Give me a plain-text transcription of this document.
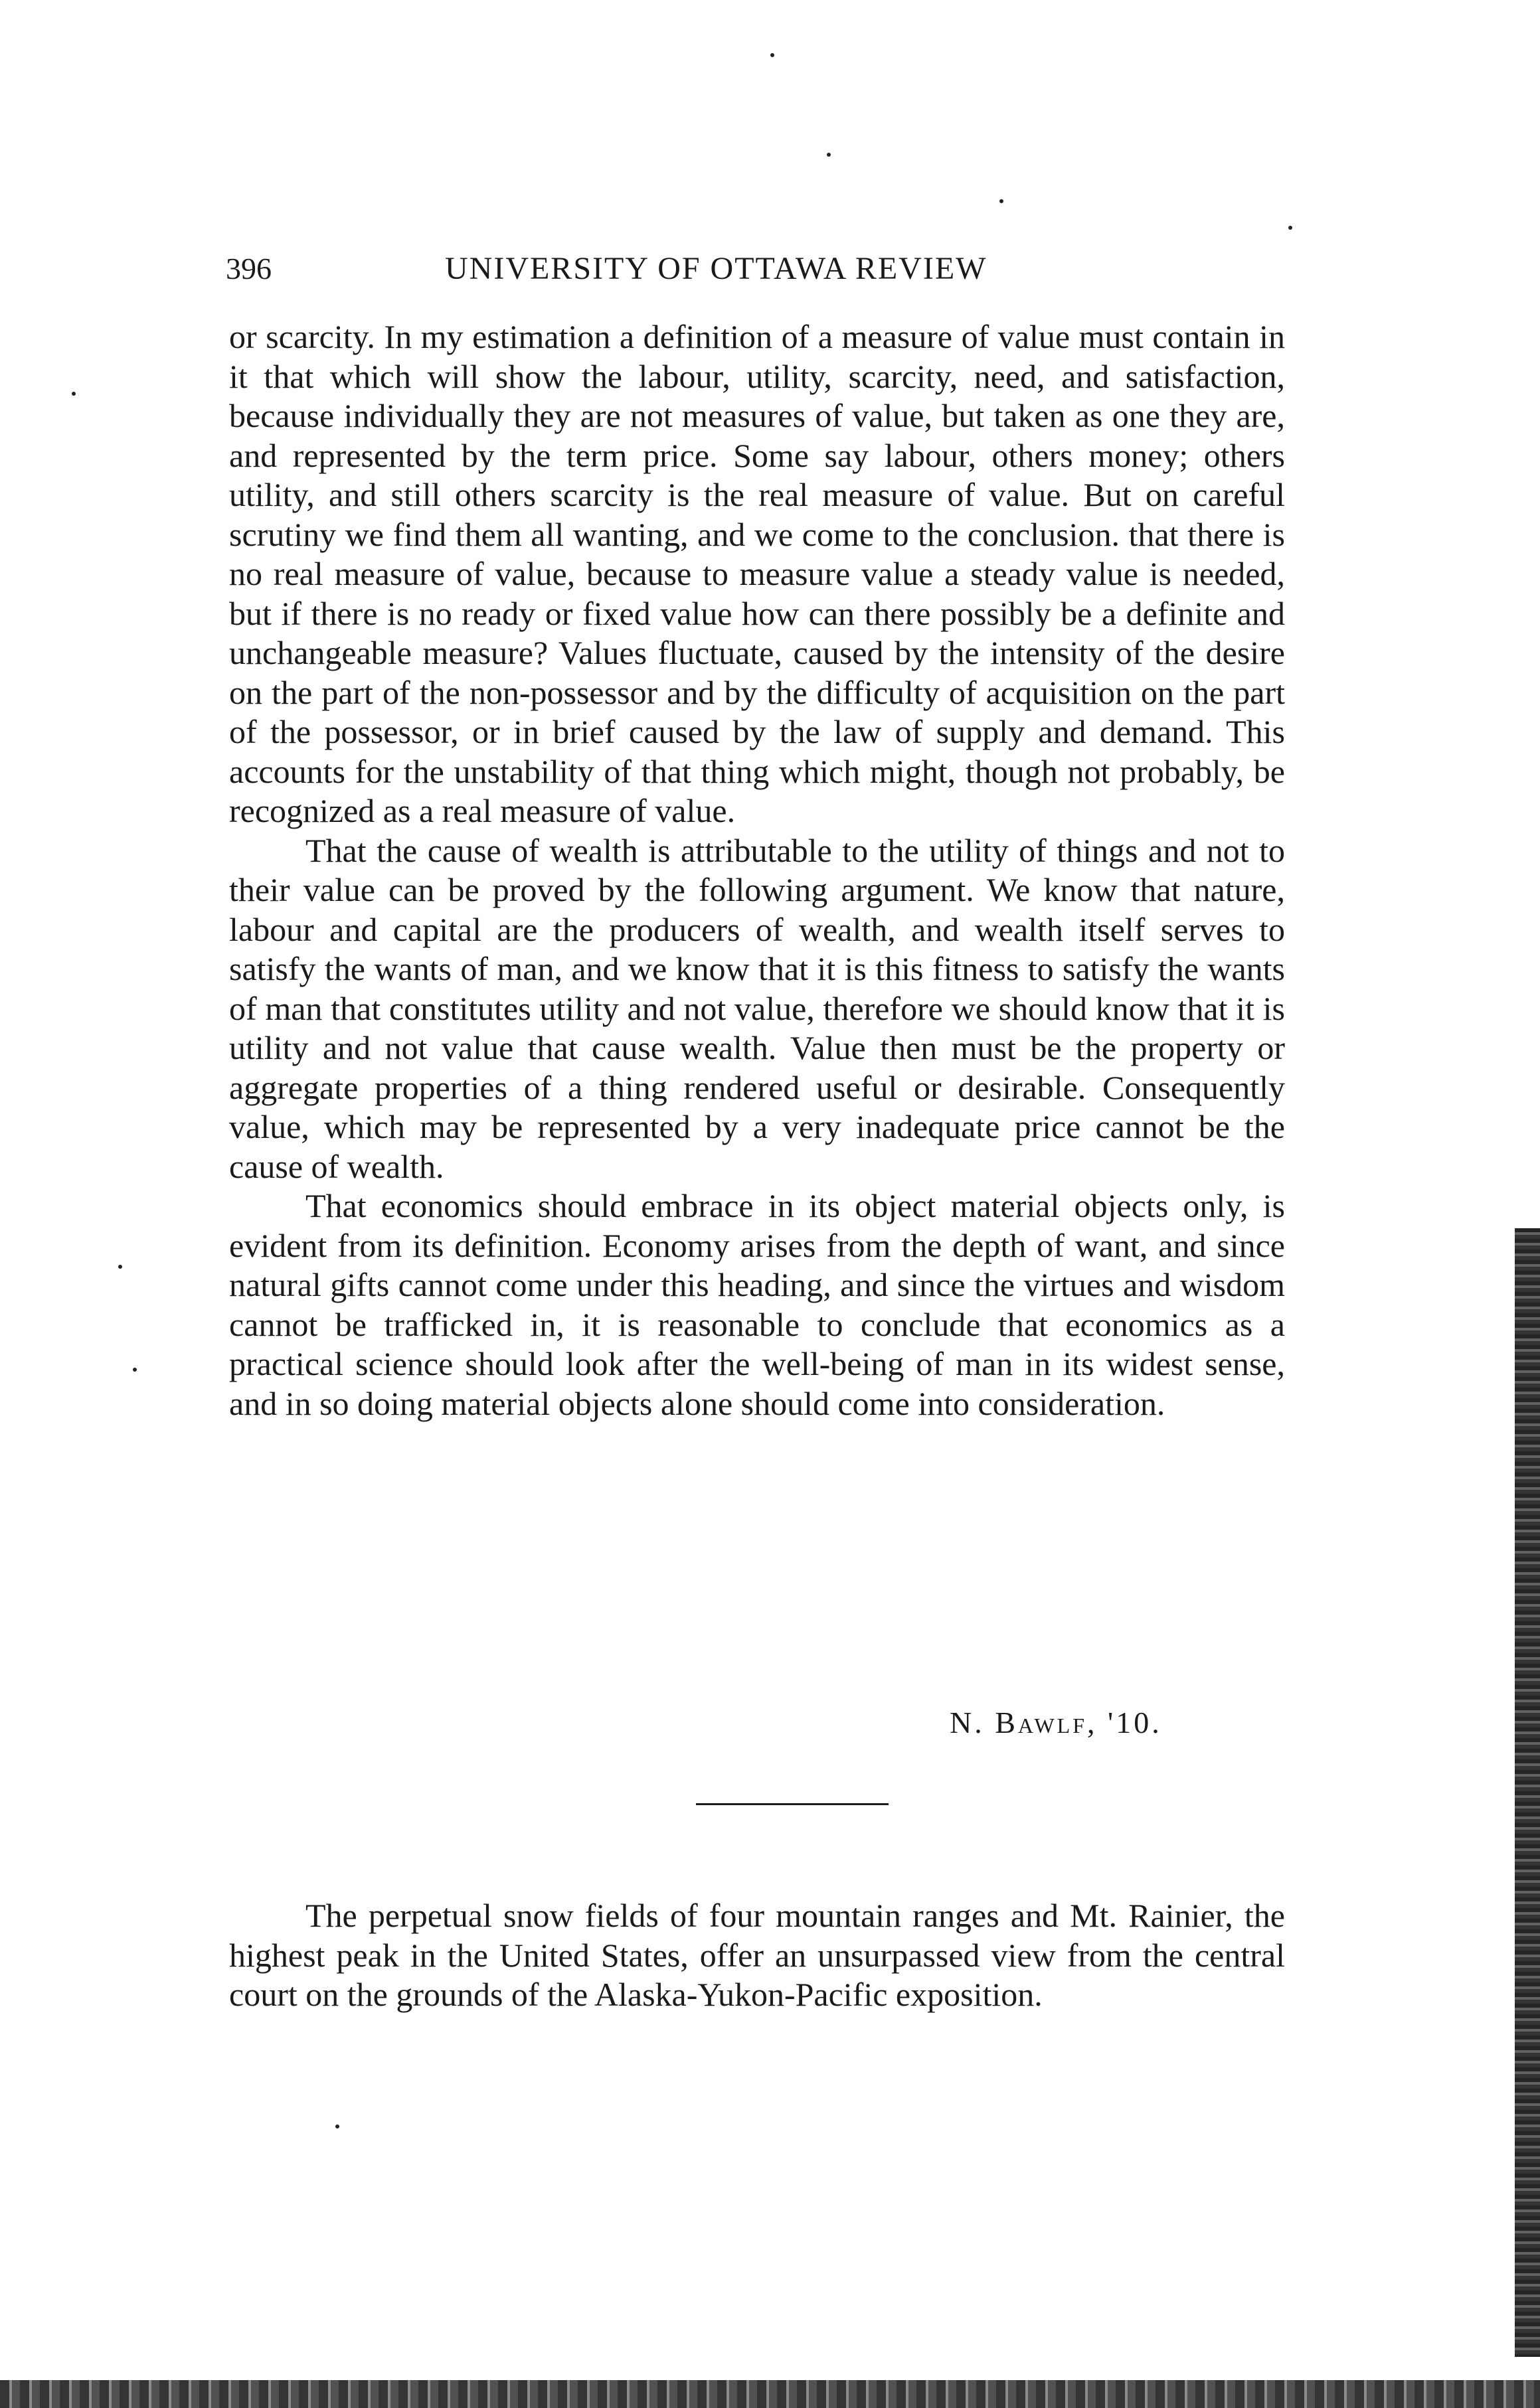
396	UNIVERSITY OF OTTAWA REVIEW

or scarcity. In my estimation a definition of a measure of value must contain in it that which will show the labour, utility, scarcity, need, and satisfaction, because individually they are not measures of value, but taken as one they are, and represented by the term price. Some say labour, others money; others utility, and still others scarcity is the real measure of value. But on careful scrutiny we find them all wanting, and we come to the conclusion. that there is no real measure of value, because to measure value a steady value is needed, but if there is no ready or fixed value how can there possibly be a definite and unchangeable measure? Values fluctuate, caused by the intensity of the desire on the part of the non-possessor and by the difficulty of acquisition on the part of the possessor, or in brief caused by the law of supply and demand. This accounts for the unstability of that thing which might, though not probably, be recognized as a real measure of value.

That the cause of wealth is attributable to the utility of things and not to their value can be proved by the following argument. We know that nature, labour and capital are the producers of wealth, and wealth itself serves to satisfy the wants of man, and we know that it is this fitness to satisfy the wants of man that constitutes utility and not value, therefore we should know that it is utility and not value that cause wealth. Value then must be the property or aggregate properties of a thing rendered useful or desirable. Consequently value, which may be represented by a very inadequate price cannot be the cause of wealth.

That economics should embrace in its object material objects only, is evident from its definition. Economy arises from the depth of want, and since natural gifts cannot come under this heading, and since the virtues and wisdom cannot be trafficked in, it is reasonable to conclude that economics as a practical science should look after the well-being of man in its widest sense, and in so doing material objects alone should come into consideration.

N. Bawlf, '10.

The perpetual snow fields of four mountain ranges and Mt. Rainier, the highest peak in the United States, offer an unsurpassed view from the central court on the grounds of the Alaska-Yukon-Pacific exposition.
